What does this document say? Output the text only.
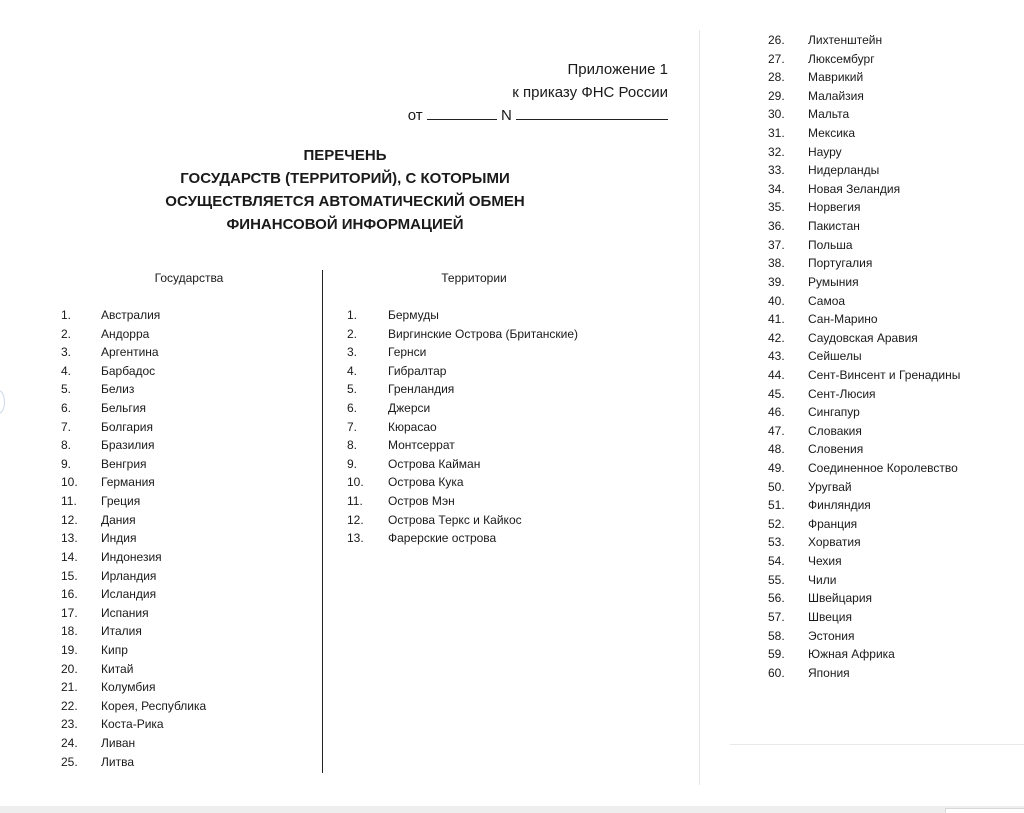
Приложение 1
к приказу ФНС России
от	N
ПЕРЕЧЕНЬ
ГОСУДАРСТВ (ТЕРРИТОРИЙ), С КОТОРЫМИ
ОСУЩЕСТВЛЯЕТСЯ АВТОМАТИЧЕСКИЙ ОБМЕН
ФИНАНСОВОЙ ИНФОРМАЦИЕЙ
Государства	Территории
1. Австралия
2. Андорра
3. Аргентина
4. Барбадос
5. Белиз
6. Бельгия
7. Болгария
8. Бразилия
9. Венгрия
10. Германия
11. Греция
12. Дания
13. Индия
14. Индонезия
15. Ирландия
16. Исландия
17. Испания
18. Италия
19. Кипр
20. Китай
21. Колумбия
22. Корея, Республика
23. Коста-Рика
24. Ливан
25. Литва
1.	Бермуды
2.	Виргинские Острова (Британские)
3.	Гернси
4.	Гибралтар
5.	Гренландия
6.	Джерси
7.	Кюрасао
8.	Монтсеррат
9.	Острова Кайман
10. Острова Кука
11. Остров Мэн
12. Острова Теркс и Кайкос
13. Фарерские острова
26. Лихтенштейн
27. Люксембург
28. Маврикий
29. Малайзия
30. Мальта
31. Мексика
32. Науру
33. Нидерланды
34. Новая Зеландия
35. Норвегия
36. Пакистан
37. Польша
38. Португалия
39. Румыния
40. Самоа
41. Сан-Марино
42. Саудовская Аравия
43. Сейшелы
44. Сент-Винсент и Гренадины
45. Сент-Люсия
46. Сингапур
47. Словакия
48. Словения
49. Соединенное Королевство
50. Уругвай
51. Финляндия
52. Франция
53. Хорватия
54. Чехия
55. Чили
56. Швейцария
57. Швеция
58. Эстония
59. Южная Африка
60. Япония
